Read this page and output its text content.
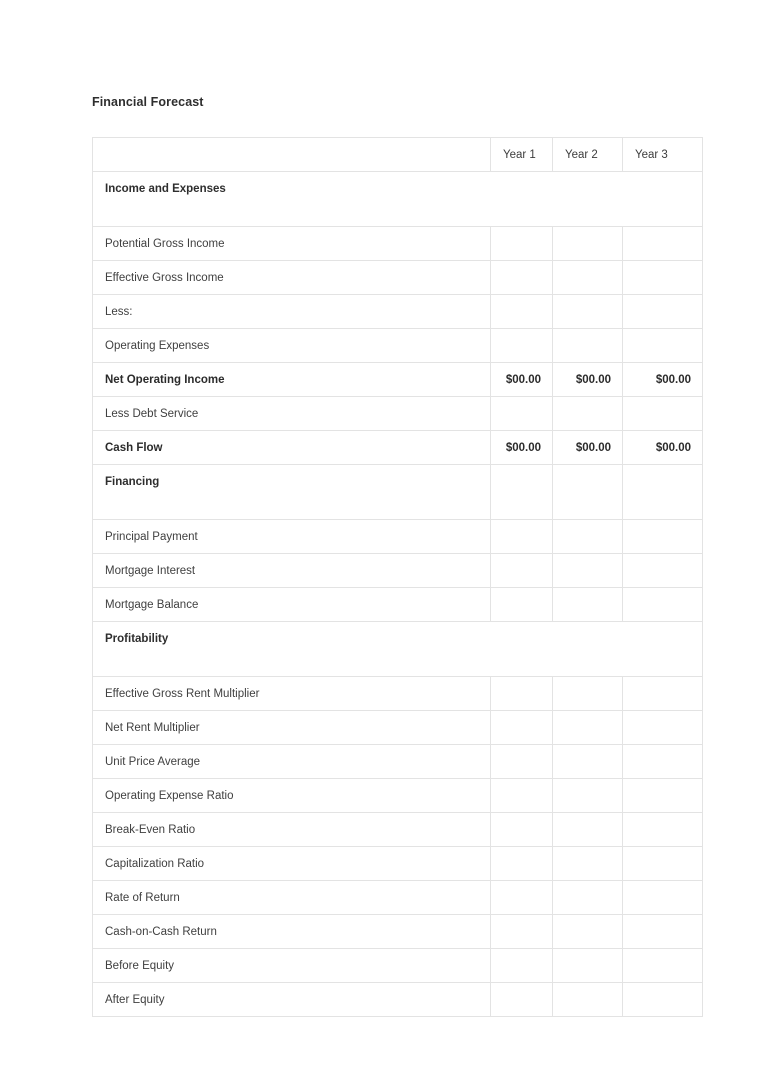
Financial Forecast
	Year 1	Year 2	Year 3
Income and Expenses			
Potential Gross Income			
Effective Gross Income			
Less:			
Operating Expenses			
Net Operating Income	$00.00	$00.00	$00.00
Less Debt Service			
Cash Flow	$00.00	$00.00	$00.00
Financing			
Principal Payment			
Mortgage Interest			
Mortgage Balance			
Profitability			
Effective Gross Rent Multiplier			
Net Rent Multiplier			
Unit Price Average			
Operating Expense Ratio			
Break-Even Ratio			
Capitalization Ratio			
Rate of Return			
Cash-on-Cash Return			
Before Equity			
After Equity			
